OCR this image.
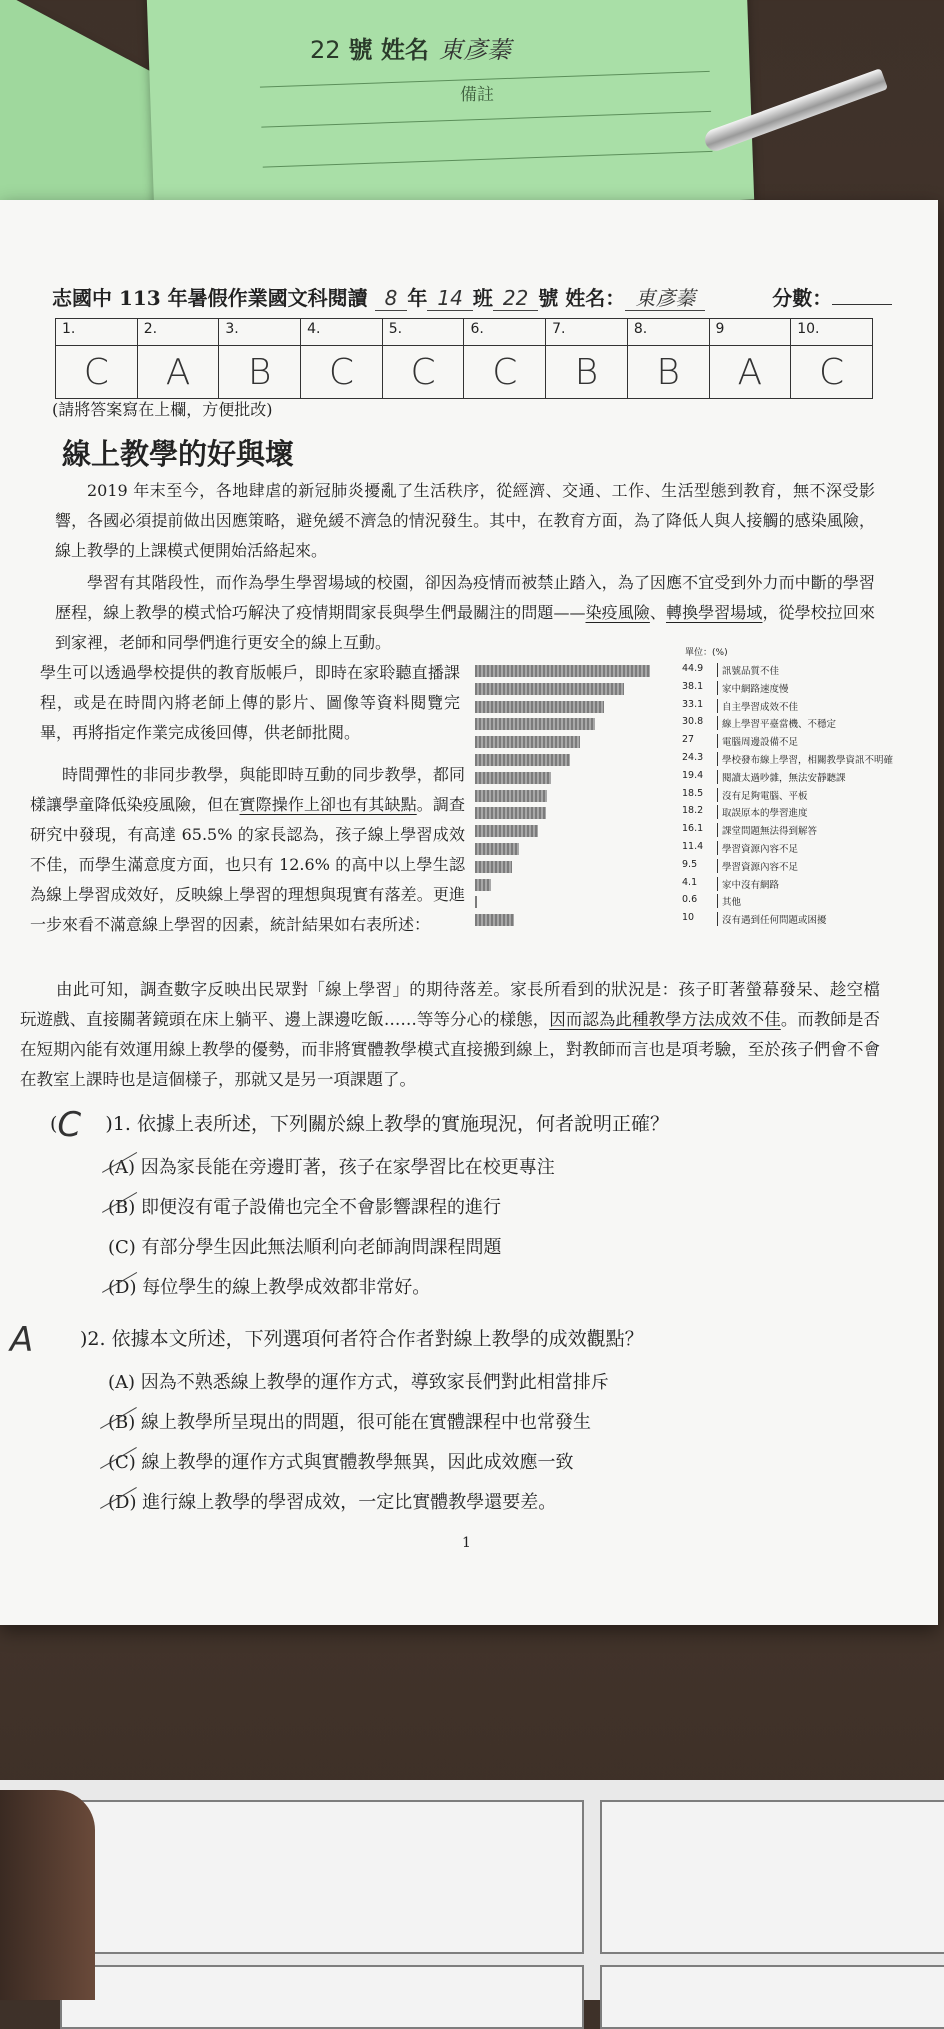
22 號 姓名 東彥蓁
備註
志國中 113 年暑假作業國文科閱讀 8 年 14 班 22 號 姓名： 東彥蓁	分數：
1.	2.	3.	4.	5.	6.	7.	8.	9	10.
C	A	B	C	C	C	B	B	A	C
(請將答案寫在上欄，方便批改)
線上教學的好與壞
2019 年末至今，各地肆虐的新冠肺炎擾亂了生活秩序，從經濟、交通、工作、生活型態到教育，無不深受影響，各國必須提前做出因應策略，避免緩不濟急的情況發生。其中，在教育方面，為了降低人與人接觸的感染風險，線上教學的上課模式便開始活絡起來。
學習有其階段性，而作為學生學習場域的校園，卻因為疫情而被禁止踏入，為了因應不宜受到外力而中斷的學習歷程，線上教學的模式恰巧解決了疫情期間家長與學生們最關注的問題——染疫風險、轉換學習場域，從學校拉回來到家裡，老師和同學們進行更安全的線上互動。
學生可以透過學校提供的教育版帳戶，即時在家聆聽直播課程，或是在時間內將老師上傳的影片、圖像等資料閱覽完畢，再將指定作業完成後回傳，供老師批閱。
時間彈性的非同步教學，與能即時互動的同步教學，都同樣讓學童降低染疫風險，但在實際操作上卻也有其缺點。調查研究中發現，有高達 65.5% 的家長認為，孩子線上學習成效不佳，而學生滿意度方面，也只有 12.6% 的高中以上學生認為線上學習成效好，反映線上學習的理想與現實有落差。更進一步來看不滿意線上學習的因素，統計結果如右表所述：
單位：(%)
44.9	訊號品質不佳
38.1	家中網路速度慢
33.1	自主學習成效不佳
30.8	線上學習平臺當機、不穩定
27	電腦周邊設備不足
24.3	學校發布線上學習，相關教學資訊不明確
19.4	閱讀太過吵雜，無法安靜聽課
18.5	沒有足夠電腦、平板
18.2	取誤原本的學習進度
16.1	課堂問題無法得到解答
11.4	學習資源內容不足
9.5	學習資源內容不足
4.1	家中沒有網路
0.6	其他
10	沒有遇到任何問題或困擾
由此可知，調查數字反映出民眾對「線上學習」的期待落差。家長所看到的狀況是：孩子盯著螢幕發呆、趁空檔玩遊戲、直接關著鏡頭在床上躺平、邊上課邊吃飯……等等分心的樣態，因而認為此種教學方法成效不佳。而教師是否在短期內能有效運用線上教學的優勢，而非將實體教學模式直接搬到線上，對教師而言也是項考驗，至於孩子們會不會在教室上課時也是這個樣子，那就又是另一項課題了。
(C )1. 依據上表所述，下列關於線上教學的實施現況，何者說明正確？
(A) 因為家長能在旁邊盯著，孩子在家學習比在校更專注
(B) 即便沒有電子設備也完全不會影響課程的進行
(C) 有部分學生因此無法順利向老師詢問課程問題
(D) 每位學生的線上教學成效都非常好。
A )2. 依據本文所述，下列選項何者符合作者對線上教學的成效觀點？
(A) 因為不熟悉線上教學的運作方式，導致家長們對此相當排斥
(B) 線上教學所呈現出的問題，很可能在實體課程中也常發生
(C) 線上教學的運作方式與實體教學無異，因此成效應一致
(D) 進行線上教學的學習成效，一定比實體教學還要差。
1
